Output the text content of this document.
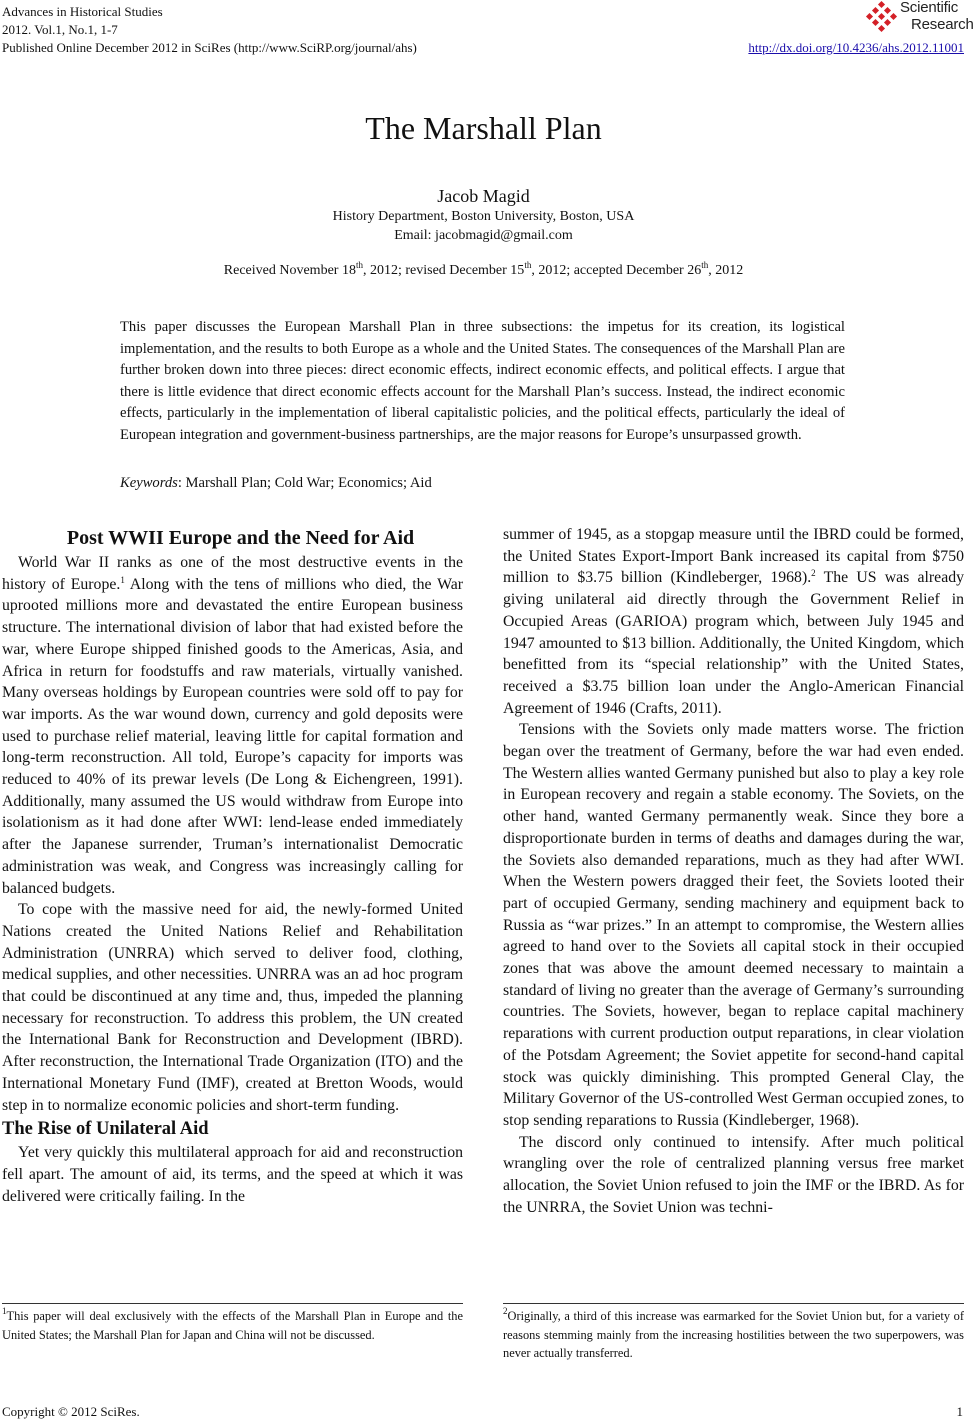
Advances in Historical Studies
2012. Vol.1, No.1, 1-7
Published Online December 2012 in SciRes (http://www.SciRP.org/journal/ahs)	http://dx.doi.org/10.4236/ahs.2012.11001
Scientific
Research
The Marshall Plan
Jacob Magid
History Department, Boston University, Boston, USA
Email: jacobmagid@gmail.com
Received November 18th, 2012; revised December 15th, 2012; accepted December 26th, 2012
This paper discusses the European Marshall Plan in three subsections: the impetus for its creation, its logistical implementation, and the results to both Europe as a whole and the United States. The consequences of the Marshall Plan are further broken down into three pieces: direct economic effects, indirect economic effects, and political effects. I argue that there is little evidence that direct economic effects account for the Marshall Plan’s success. Instead, the indirect economic effects, particularly in the implementation of liberal capitalistic policies, and the political effects, particularly the ideal of European integration and government-business partnerships, are the major reasons for Europe’s unsurpassed growth.
Keywords: Marshall Plan; Cold War; Economics; Aid

Post WWII Europe and the Need for Aid

World War II ranks as one of the most destructive events in the history of Europe.$^1$ Along with the tens of millions who died, the War uprooted millions more and devastated the entire European business structure. The international division of labor that had existed before the war, where Europe shipped finished goods to the Americas, Asia, and Africa in return for foodstuffs and raw materials, virtually vanished. Many overseas holdings by European countries were sold off to pay for war imports. As the war wound down, currency and gold deposits were used to purchase relief material, leaving little for capital formation and long-term reconstruction. All told, Europe’s capacity for imports was reduced to 40% of its prewar levels (De Long & Eichengreen, 1991). Additionally, many assumed the US would withdraw from Europe into isolationism as it had done after WWI: lend-lease ended immediately after the Japanese surrender, Truman’s internationalist Democratic administration was weak, and Congress was increasingly calling for balanced budgets.

To cope with the massive need for aid, the newly-formed United Nations created the United Nations Relief and Rehabilitation Administration (UNRRA) which served to deliver food, clothing, medical supplies, and other necessities. UNRRA was an ad hoc program that could be discontinued at any time and, thus, impeded the planning necessary for reconstruction. To address this problem, the UN created the International Bank for Reconstruction and Development (IBRD). After reconstruction, the International Trade Organization (ITO) and the International Monetary Fund (IMF), created at Bretton Woods, would step in to normalize economic policies and short-term funding.

The Rise of Unilateral Aid

Yet very quickly this multilateral approach for aid and reconstruction fell apart. The amount of aid, its terms, and the speed at which it was delivered were critically failing. In the

summer of 1945, as a stopgap measure until the IBRD could be formed, the United States Export-Import Bank increased its capital from $750 million to $3.75 billion (Kindleberger, 1968).$^2$ The US was already giving unilateral aid directly through the Government Relief in Occupied Areas (GARIOA) program which, between July 1945 and 1947 amounted to $13 billion. Additionally, the United Kingdom, which benefitted from its “special relationship” with the United States, received a $3.75 billion loan under the Anglo-American Financial Agreement of 1946 (Crafts, 2011).

Tensions with the Soviets only made matters worse. The friction began over the treatment of Germany, before the war had even ended. The Western allies wanted Germany punished but also to play a key role in European recovery and regain a stable economy. The Soviets, on the other hand, wanted Germany permanently weak. Since they bore a disproportionate burden in terms of deaths and damages during the war, the Soviets also demanded reparations, much as they had after WWI. When the Western powers dragged their feet, the Soviets looted their part of occupied Germany, sending machinery and equipment back to Russia as “war prizes.” In an attempt to compromise, the Western allies agreed to hand over to the Soviets all capital stock in their occupied zones that was above the amount deemed necessary to maintain a standard of living no greater than the average of Germany’s surrounding countries. The Soviets, however, began to replace capital machinery reparations with current production output reparations, in clear violation of the Potsdam Agreement; the Soviet appetite for second-hand capital stock was quickly diminishing. This prompted General Clay, the Military Governor of the US-controlled West German occupied zones, to stop sending reparations to Russia (Kindleberger, 1968).

The discord only continued to intensify. After much political wrangling over the role of centralized planning versus free market allocation, the Soviet Union refused to join the IMF or the IBRD. As for the UNRRA, the Soviet Union was techni-

$^1$This paper will deal exclusively with the effects of the Marshall Plan in Europe and the United States; the Marshall Plan for Japan and China will not be discussed.
$^2$Originally, a third of this increase was earmarked for the Soviet Union but, for a variety of reasons stemming mainly from the increasing hostilities between the two superpowers, was never actually transferred.
Copyright © 2012 SciRes.	1
